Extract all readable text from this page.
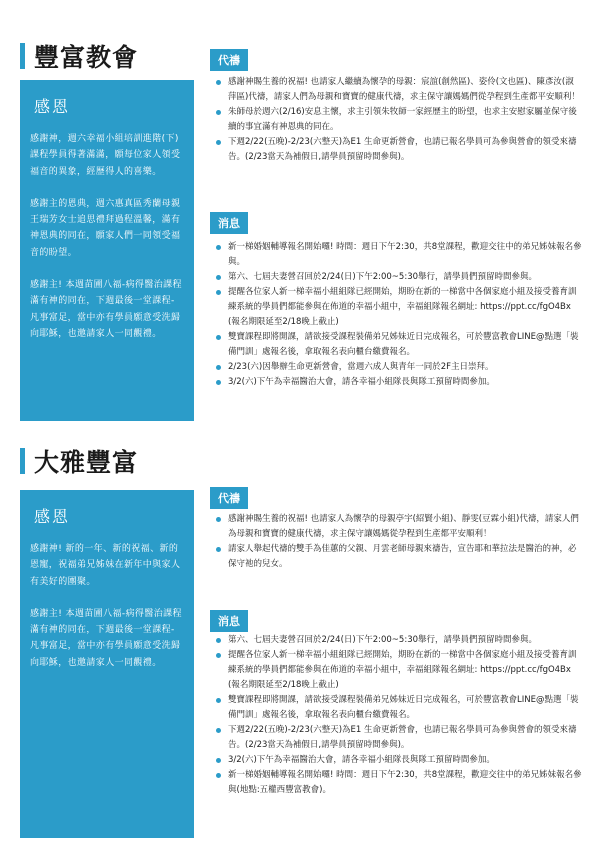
豐富教會
感恩

感謝神，週六幸福小組培訓進階(下)課程學員得著滿滿，願每位家人領受福音的異象，經歷得人的喜樂。

感謝主的恩典，週六惠真區秀蘭母親王瑞芳女士追思禮拜過程溫馨，滿有神恩典的同在，願家人們一同領受福音的盼望。

感謝主! 本週苗圃八福-病得醫治課程滿有神的同在，下週最後一堂課程-凡事富足，當中亦有學員願意受洗歸向耶穌，也邀請家人一同觀禮。

代禱
感謝神賜生養的祝福! 也請家人繼續為懷孕的母親：宸誼(創然區)、姿伶(文也區)、陳彥汝(淑萍區)代禱，請家人們為母親和寶寶的健康代禱，求主保守讓媽媽們從孕程到生產都平安順利！
朱師母於週六(2/16)安息主懷，求主引領朱牧師一家經歷主的盼望，也求主安慰家屬並保守後續的事宜滿有神恩典的同在。
下週2/22(五晚)-2/23(六整天)為E1 生命更新營會，也請已報名學員可為參與營會的領受來禱告。(2/23當天為補假日,請學員預留時間參與)。
消息
新一梯婚姻輔導報名開始囉! 時間：週日下午2:30，共8堂課程，歡迎交往中的弟兄姊妹報名參與。
第六、七屆夫妻營召回於2/24(日)下午2:00~5:30舉行，請學員們預留時間參與。
提醒各位家人新一梯幸福小組組隊已經開始，期盼在新的一梯當中各個家庭小組及接受養育訓練系統的學員們都能參與在佈道的幸福小組中，幸福組隊報名網址: https://ppt.cc/fgO4Bx (報名期限延至2/18晚上截止)
雙寶課程即將開課，請欲接受課程裝備弟兄姊妹近日完成報名，可於豐富教會LINE@點選「裝備門訓」處報名後，拿取報名表向櫃台繳費報名。
2/23(六)因舉辦生命更新營會，當週六成人與青年一同於2F主日崇拜。
3/2(六)下午為幸福醫治大會，請各幸福小組隊長與隊工預留時間參加。
大雅豐富
感恩

感謝神! 新的一年、新的祝福、新的恩寵，祝福弟兄姊妹在新年中與家人有美好的團聚。

感謝主! 本週苗圃八福-病得醫治課程滿有神的同在，下週最後一堂課程-凡事富足，當中亦有學員願意受洗歸向耶穌，也邀請家人一同觀禮。

代禱
感謝神賜生養的祝福! 也請家人為懷孕的母親亭宇(紹賢小組)、靜雯(豆霖小組)代禱，請家人們為母親和寶寶的健康代禱，求主保守讓媽媽從孕程到生產都平安順利！
請家人舉起代禱的雙手為佳蕙的父親、月雲老師母親來禱告，宣告耶和華拉法是醫治的神，必保守祂的兒女。
消息
第六、七屆夫妻營召回於2/24(日)下午2:00~5:30舉行，請學員們預留時間參與。
提醒各位家人新一梯幸福小組組隊已經開始，期盼在新的一梯當中各個家庭小組及接受養育訓練系統的學員們都能參與在佈道的幸福小組中，幸福組隊報名網址: https://ppt.cc/fgO4Bx (報名期限延至2/18晚上截止)
雙寶課程即將開課，請欲接受課程裝備弟兄姊妹近日完成報名，可於豐富教會LINE@點選「裝備門訓」處報名後，拿取報名表向櫃台繳費報名。
下週2/22(五晚)-2/23(六整天)為E1 生命更新營會，也請已報名學員可為參與營會的領受來禱告。(2/23當天為補假日,請學員預留時間參與)。
3/2(六)下午為幸福醫治大會，請各幸福小組隊長與隊工預留時間參加。
新一梯婚姻輔導報名開始囉! 時間：週日下午2:30，共8堂課程，歡迎交往中的弟兄姊妹報名參與(地點:五權西豐富教會)。
